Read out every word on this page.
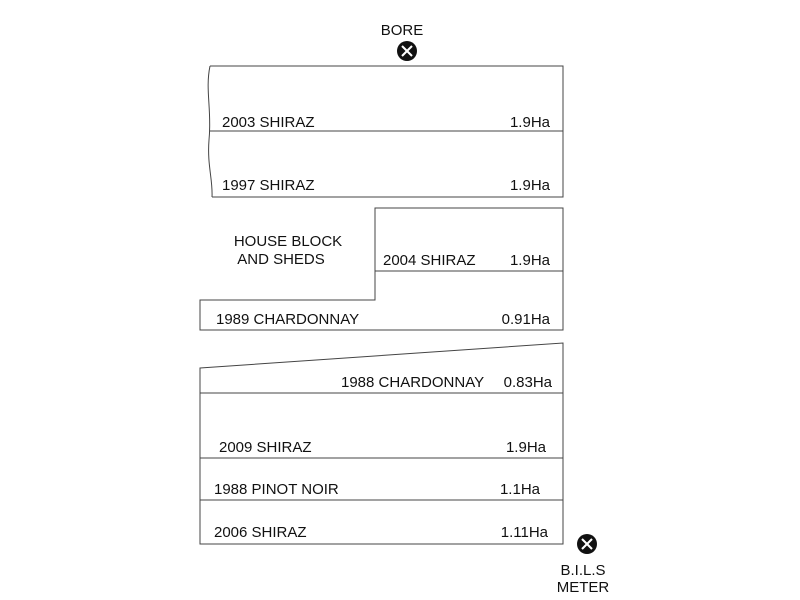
BORE
2003 SHIRAZ	1.9Ha
1997 SHIRAZ	1.9Ha
HOUSE BLOCK
AND SHEDS	2004 SHIRAZ 1.9Ha
1989 CHARDONNAY	0.91Ha
1988 CHARDONNAY 0.83Ha
2009 SHIRAZ	1.9Ha
1988 PINOT NOIR	1.1Ha
2006 SHIRAZ	1.11Ha
B.I.L.S
METER
